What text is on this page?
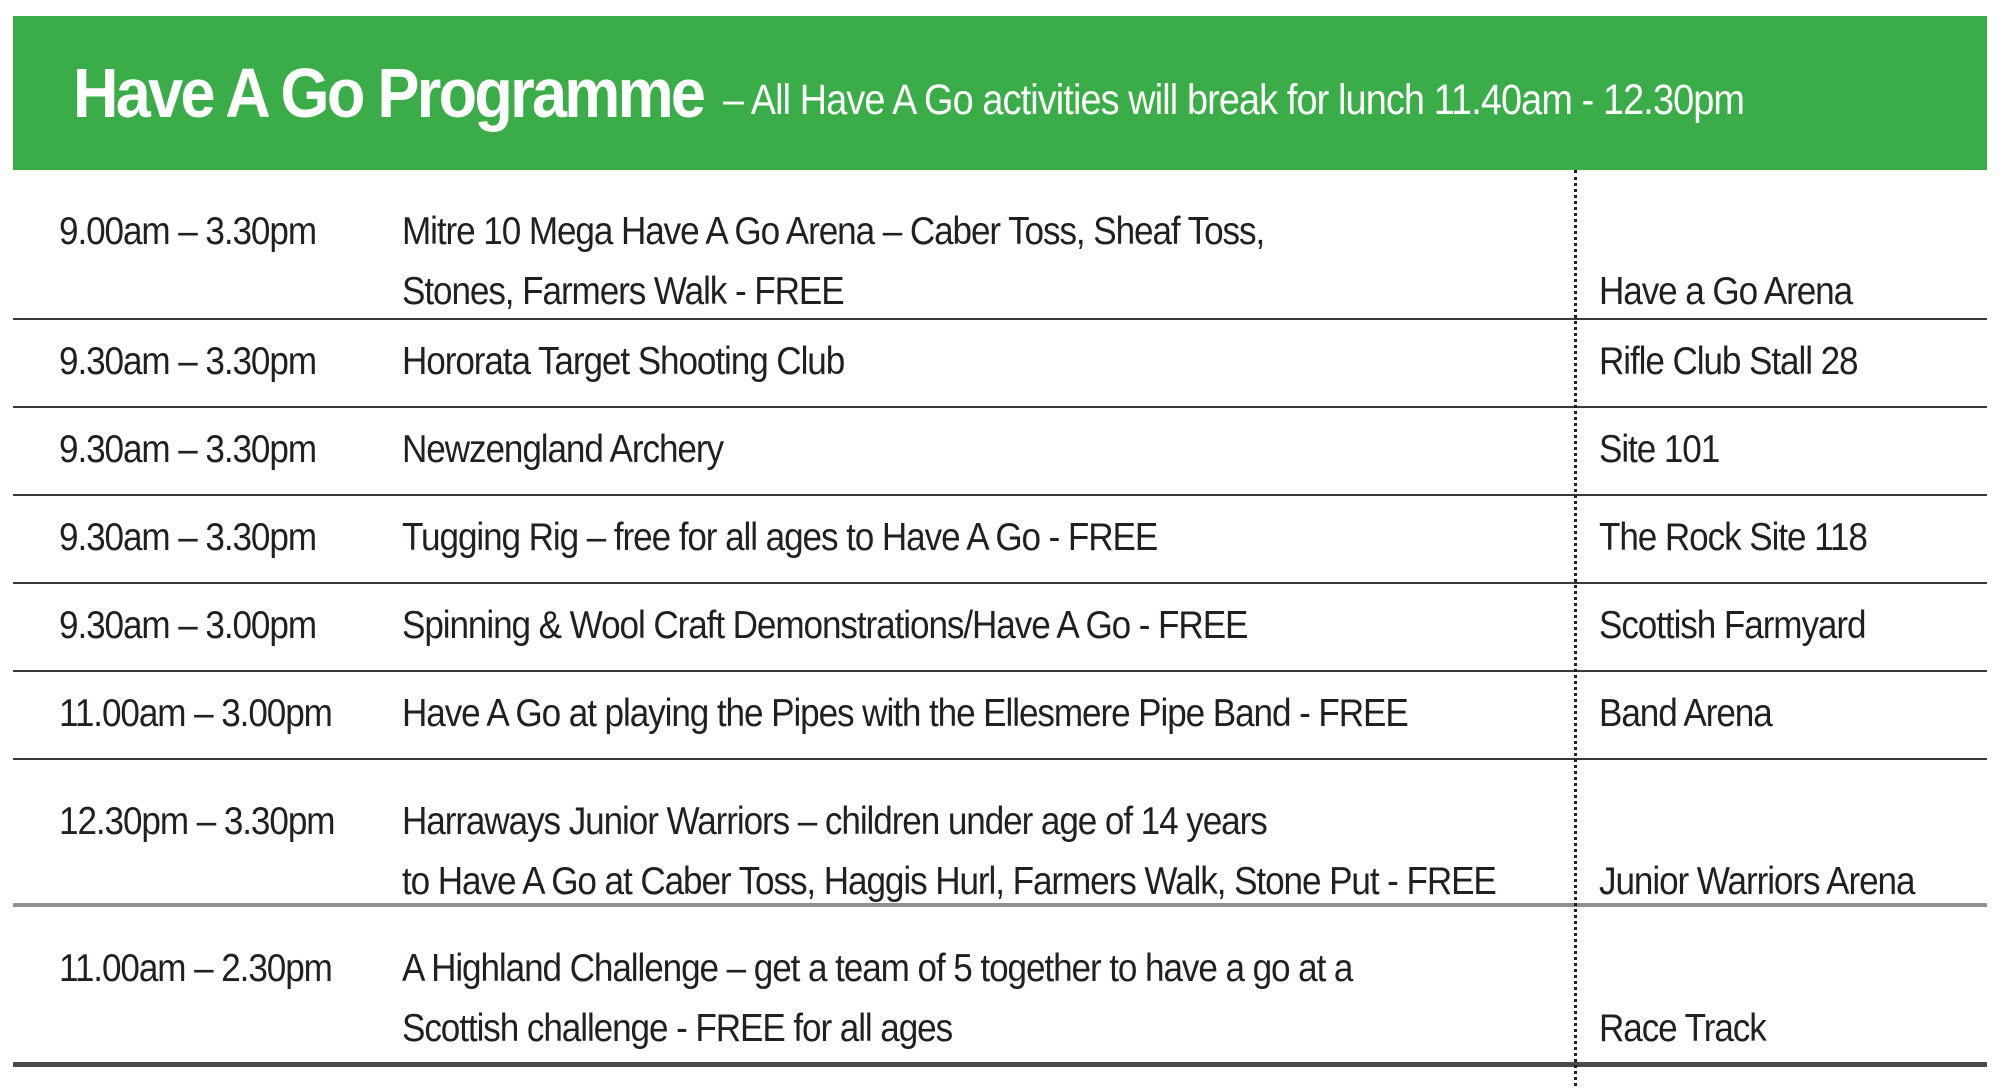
Have A Go Programme – All Have A Go activities will break for lunch 11.40am - 12.30pm
9.00am – 3.30pm Mitre 10 Mega Have A Go Arena – Caber Toss, Sheaf Toss,
Stones, Farmers Walk - FREE	Have a Go Arena
9.30am – 3.30pm Hororata Target Shooting Club	Rifle Club Stall 28
9.30am – 3.30pm Newzengland Archery	Site 101
9.30am – 3.30pm Tugging Rig – free for all ages to Have A Go - FREE	The Rock Site 118
9.30am – 3.00pm Spinning & Wool Craft Demonstrations/Have A Go - FREE	Scottish Farmyard
11.00am – 3.00pm Have A Go at playing the Pipes with the Ellesmere Pipe Band - FREE	Band Arena
12.30pm – 3.30pm Harraways Junior Warriors – children under age of 14 years
to Have A Go at Caber Toss, Haggis Hurl, Farmers Walk, Stone Put - FREE	Junior Warriors Arena
11.00am – 2.30pm A Highland Challenge – get a team of 5 together to have a go at a
Scottish challenge - FREE for all ages	Race Track
